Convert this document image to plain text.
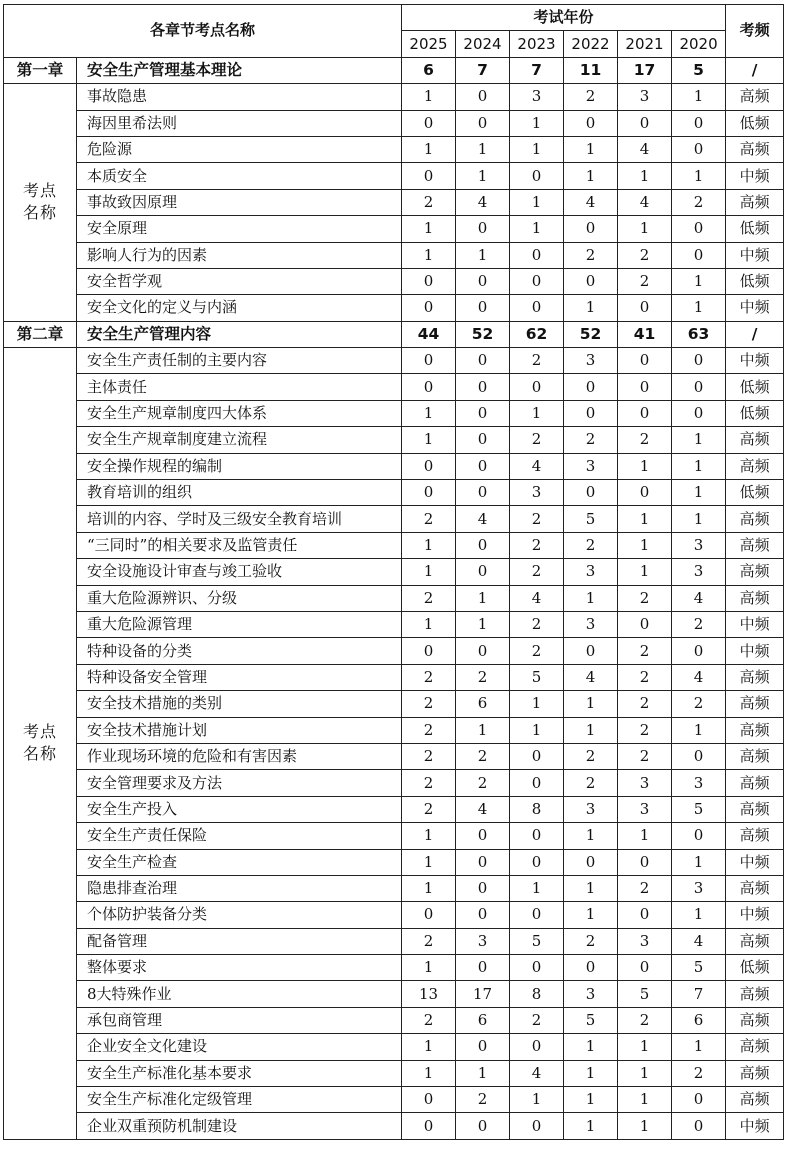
各章节考点名称		考试年份						考频
		2025	2024	2023	2022	2021	2020	
第一章	安全生产管理基本理论	6	7	7	11	17	5	/

考点
名称	事故隐患	1	0	3	2	3	1	高频
	海因里希法则	0	0	1	0	0	0	低频
	危险源	1	1	1	1	4	0	高频
	本质安全	0	1	0	1	1	1	中频
	事故致因原理	2	4	1	4	4	2	高频
	安全原理	1	0	1	0	1	0	低频
	影响人行为的因素	1	1	0	2	2	0	中频
	安全哲学观	0	0	0	0	2	1	低频
	安全文化的定义与内涵	0	0	0	1	0	1	中频
第二章	安全生产管理内容	44	52	62	52	41	63	/

考点
名称	安全生产责任制的主要内容	0	0	2	3	0	0	中频
	主体责任	0	0	0	0	0	0	低频
	安全生产规章制度四大体系	1	0	1	0	0	0	低频
	安全生产规章制度建立流程	1	0	2	2	2	1	高频
	安全操作规程的编制	0	0	4	3	1	1	高频
	教育培训的组织	0	0	3	0	0	1	低频
	培训的内容、学时及三级安全教育培训	2	4	2	5	1	1	高频
	“三同时”的相关要求及监管责任	1	0	2	2	1	3	高频
	安全设施设计审查与竣工验收	1	0	2	3	1	3	高频
	重大危险源辨识、分级	2	1	4	1	2	4	高频
	重大危险源管理	1	1	2	3	0	2	中频
	特种设备的分类	0	0	2	0	2	0	中频
	特种设备安全管理	2	2	5	4	2	4	高频
	安全技术措施的类别	2	6	1	1	2	2	高频
	安全技术措施计划	2	1	1	1	2	1	高频
	作业现场环境的危险和有害因素	2	2	0	2	2	0	高频
	安全管理要求及方法	2	2	0	2	3	3	高频
	安全生产投入	2	4	8	3	3	5	高频
	安全生产责任保险	1	0	0	1	1	0	高频
	安全生产检查	1	0	0	0	0	1	中频
	隐患排查治理	1	0	1	1	2	3	高频
	个体防护装备分类	0	0	0	1	0	1	中频
	配备管理	2	3	5	2	3	4	高频
	整体要求	1	0	0	0	0	5	低频
	8大特殊作业	13	17	8	3	5	7	高频
	承包商管理	2	6	2	5	2	6	高频
	企业安全文化建设	1	0	0	1	1	1	高频
	安全生产标准化基本要求	1	1	4	1	1	2	高频
	安全生产标准化定级管理	0	2	1	1	1	0	高频
	企业双重预防机制建设	0	0	0	1	1	0	中频
